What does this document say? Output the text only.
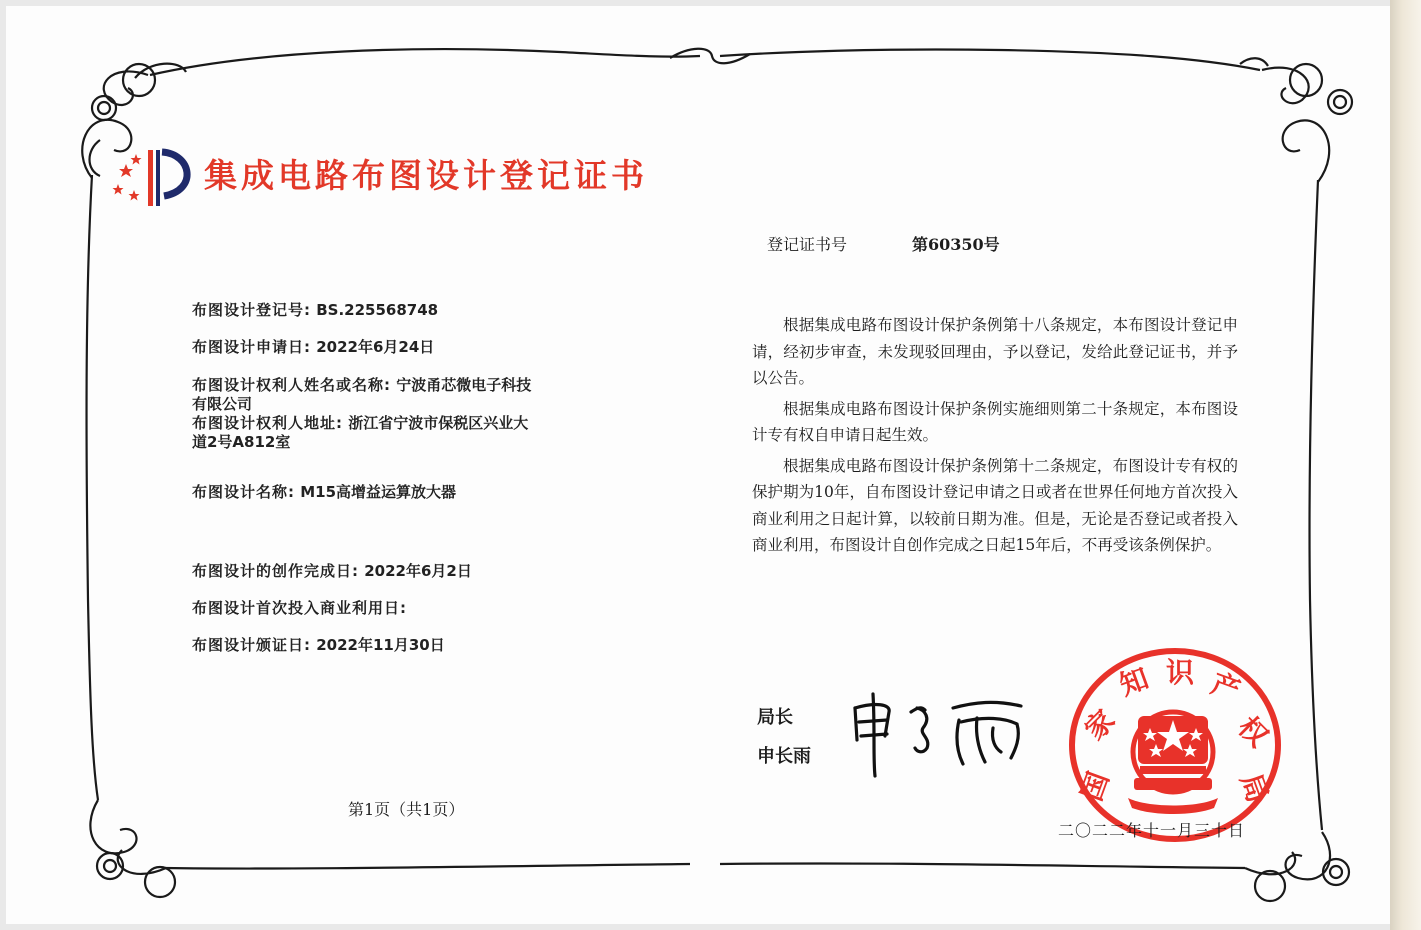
集成电路布图设计登记证书
登记证书号	第60350号
布图设计登记号: BS.225568748
布图设计申请日: 2022年6月24日
布图设计权利人姓名或名称: 宁波甬芯微电子科技
有限公司
布图设计权利人地址: 浙江省宁波市保税区兴业大
道2号A812室
布图设计名称: M15高增益运算放大器
布图设计的创作完成日: 2022年6月2日
布图设计首次投入商业利用日:
布图设计颁证日: 2022年11月30日

根据集成电路布图设计保护条例第十八条规定，本布图设计登记申请，经初步审查，未发现驳回理由，予以登记，发给此登记证书，并予以公告。

根据集成电路布图设计保护条例实施细则第二十条规定，本布图设计专有权自申请日起生效。

根据集成电路布图设计保护条例第十二条规定，布图设计专有权的保护期为10年，自布图设计登记申请之日或者在世界任何地方首次投入商业利用之日起计算，以较前日期为准。但是，无论是否登记或者投入商业利用，布图设计自创作完成之日起15年后，不再受该条例保护。

局长
申长雨
第1页（共1页）
国
家
知 识 产
权
局
二〇二二年十一月三十日
